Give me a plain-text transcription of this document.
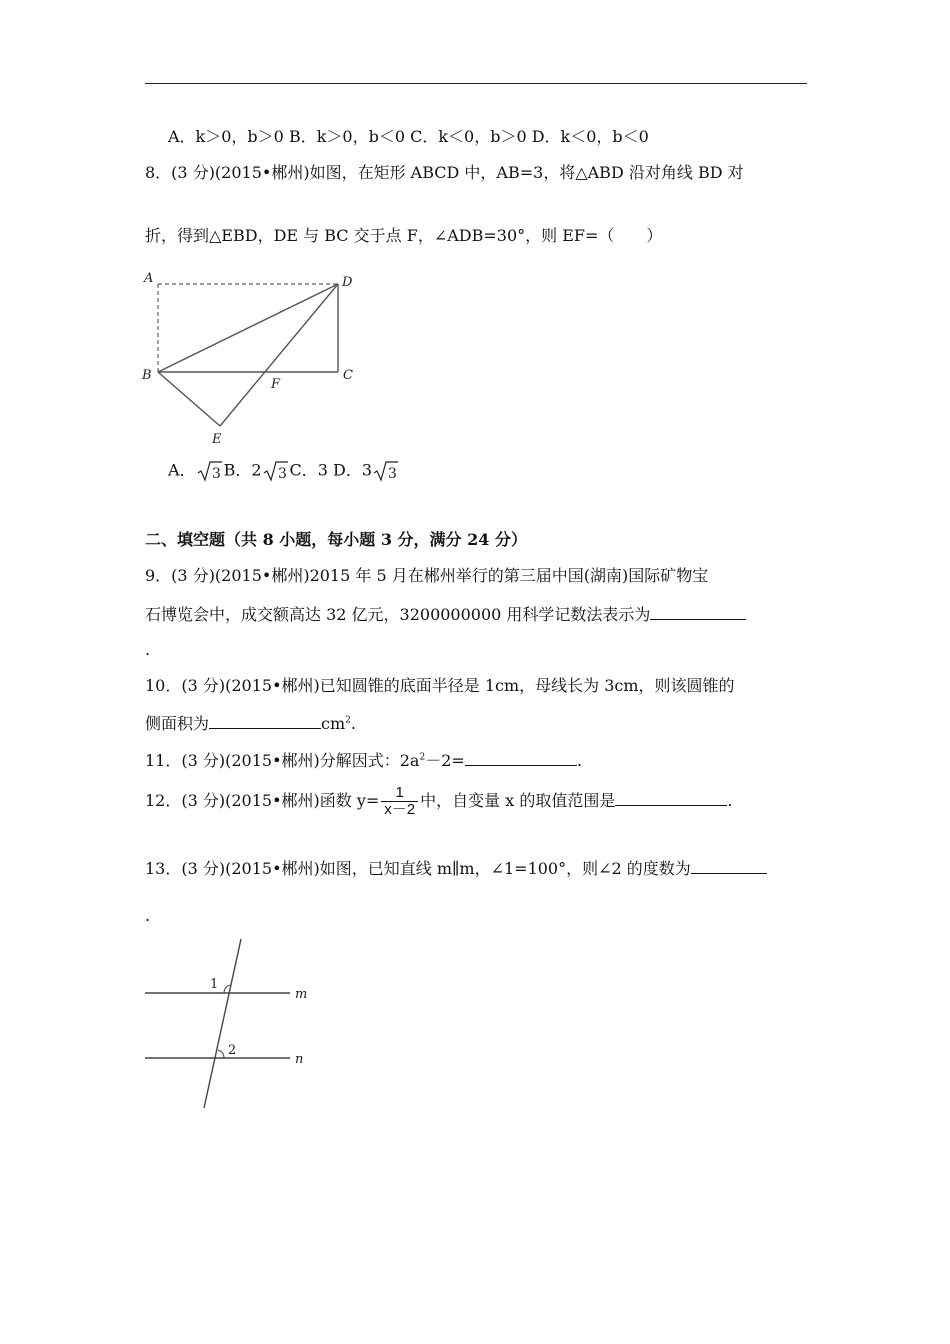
A．k＞0，b＞0 B．k＞0，b＜0 C．k＜0，b＞0 D．k＜0，b＜0
8．(3 分)(2015•郴州)如图，在矩形 ABCD 中，AB=3，将△ABD 沿对角线 BD 对
折，得到△EBD，DE 与 BC 交于点 F，∠ADB=30°，则 EF=（　　）
A	D
B	C
F
E
A． 3 B．2 3 C．3 D．3 3
二、填空题（共 8 小题，每小题 3 分，满分 24 分）
9．(3 分)(2015•郴州)2015 年 5 月在郴州举行的第三届中国(湖南)国际矿物宝
石博览会中，成交额高达 32 亿元，3200000000 用科学记数法表示为
.
10．(3 分)(2015•郴州)已知圆锥的底面半径是 1cm，母线长为 3cm，则该圆锥的
侧面积为	$cm^2$.
11．(3 分)(2015•郴州)分解因式：$2a^2-2=$	.
12．(3 分)(2015•郴州)函数 $y= \frac{1}{x-2}$ 中，自变量 x 的取值范围是	.
13．(3 分)(2015•郴州)如图，已知直线 m∥m，∠1=100°，则∠2 的度数为
.
1
2
m
n
